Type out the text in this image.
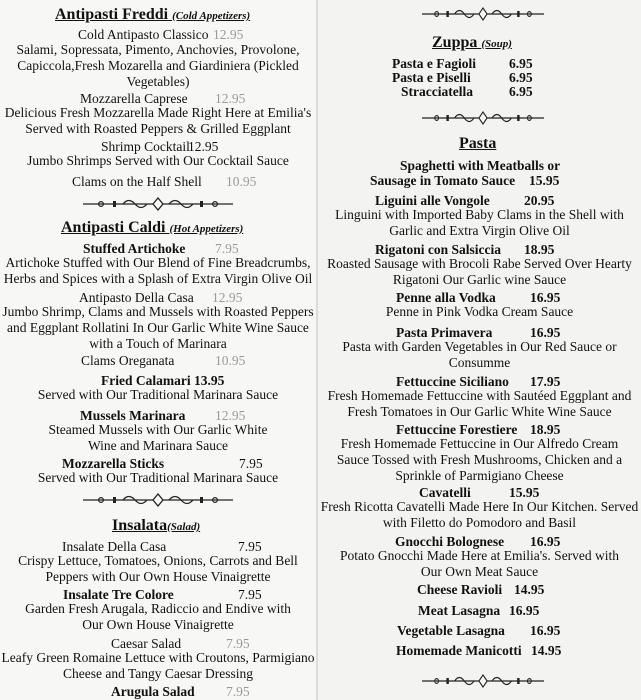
Antipasti Freddi (Cold Appetizers)
Cold Antipasto Classico 12.95
Salami, Sopressata, Pimento, Anchovies, Provolone, Capiccola,Fresh Mozarella and Giardiniera (Pickled Vegetables)
Mozzarella Caprese 12.95
Delicious Fresh Mozzarella Made Right Here at Emilia's Served with Roasted Peppers & Grilled Eggplant
Shrimp Cocktail
12.95
Jumbo Shrimps Served with Our Cocktail Sauce
Clams on the Half Shell 10.95
Antipasti Caldi (Hot Appetizers)
Stuffed Artichoke 7.95
Artichoke Stuffed with Our Blend of Fine Breadcrumbs, Herbs and Spices with a Splash of Extra Virgin Olive Oil
Antipasto Della Casa 12.95
Jumbo Shrimp, Clams and Mussels with Roasted Peppers and Eggplant Rollatini In Our Garlic White Wine Sauce with a Touch of Marinara
Clams Oreganata	10.95
Fried Calamari 13.95
Served with Our Traditional Marinara Sauce
Mussels Marinara 12.95
Steamed Mussels with Our Garlic White Wine and Marinara Sauce
Mozzarella Sticks	7.95
Served with Our Traditional Marinara Sauce
Insalata(Salad)
Insalate Della Casa	7.95
Crispy Lettuce, Tomatoes, Onions, Carrots and Bell Peppers with Our Own House Vinaigrette
Insalate Tre Colore	7.95
Garden Fresh Arugala, Radiccio and Endive with Our Own House Vinaigrette
Caesar Salad	7.95
Leafy Green Romaine Lettuce with Croutons, Parmigiano Cheese and Tangy Caesar Dressing
Arugula Salad 7.95
Zuppa (Soup)
Pasta e Fagioli 6.95
Pasta e Piselli	6.95
Stracciatella	6.95
Pasta
Spaghetti with Meatballs or
Sausage in Tomato Sauce 15.95
Liguini alle Vongole	20.95
Linguini with Imported Baby Clams in the Shell with Garlic and Extra Virgin Olive Oil
Rigatoni con Salsiccia 18.95
Roasted Sausage with Brocoli Rabe Served Over Hearty Rigatoni Our Garlic wine Sauce
Penne alla Vodka	16.95
Penne in Pink Vodka Cream Sauce
Pasta Primavera	16.95
Pasta with Garden Vegetables in Our Red Sauce or Consumme
Fettuccine Siciliano 17.95
Fresh Homemade Fettuccine with Sautéed Eggplant and Fresh Tomatoes in Our Garlic White Wine Sauce
Fettuccine Forestiere 18.95
Fresh Homemade Fettuccine in Our Alfredo Cream Sauce Tossed with Fresh Mushrooms, Chicken and a Sprinkle of Parmigiano Cheese
Cavatelli	15.95
Fresh Ricotta Cavatelli Made Here In Our Kitchen. Served with Filetto do Pomodoro and Basil
Gnocchi Bolognese 16.95
Potato Gnocchi Made Here at Emilia's. Served with Our Own Meat Sauce
Cheese Ravioli 14.95
Meat Lasagna 16.95
Vegetable Lasagna 16.95
Homemade Manicotti 14.95
